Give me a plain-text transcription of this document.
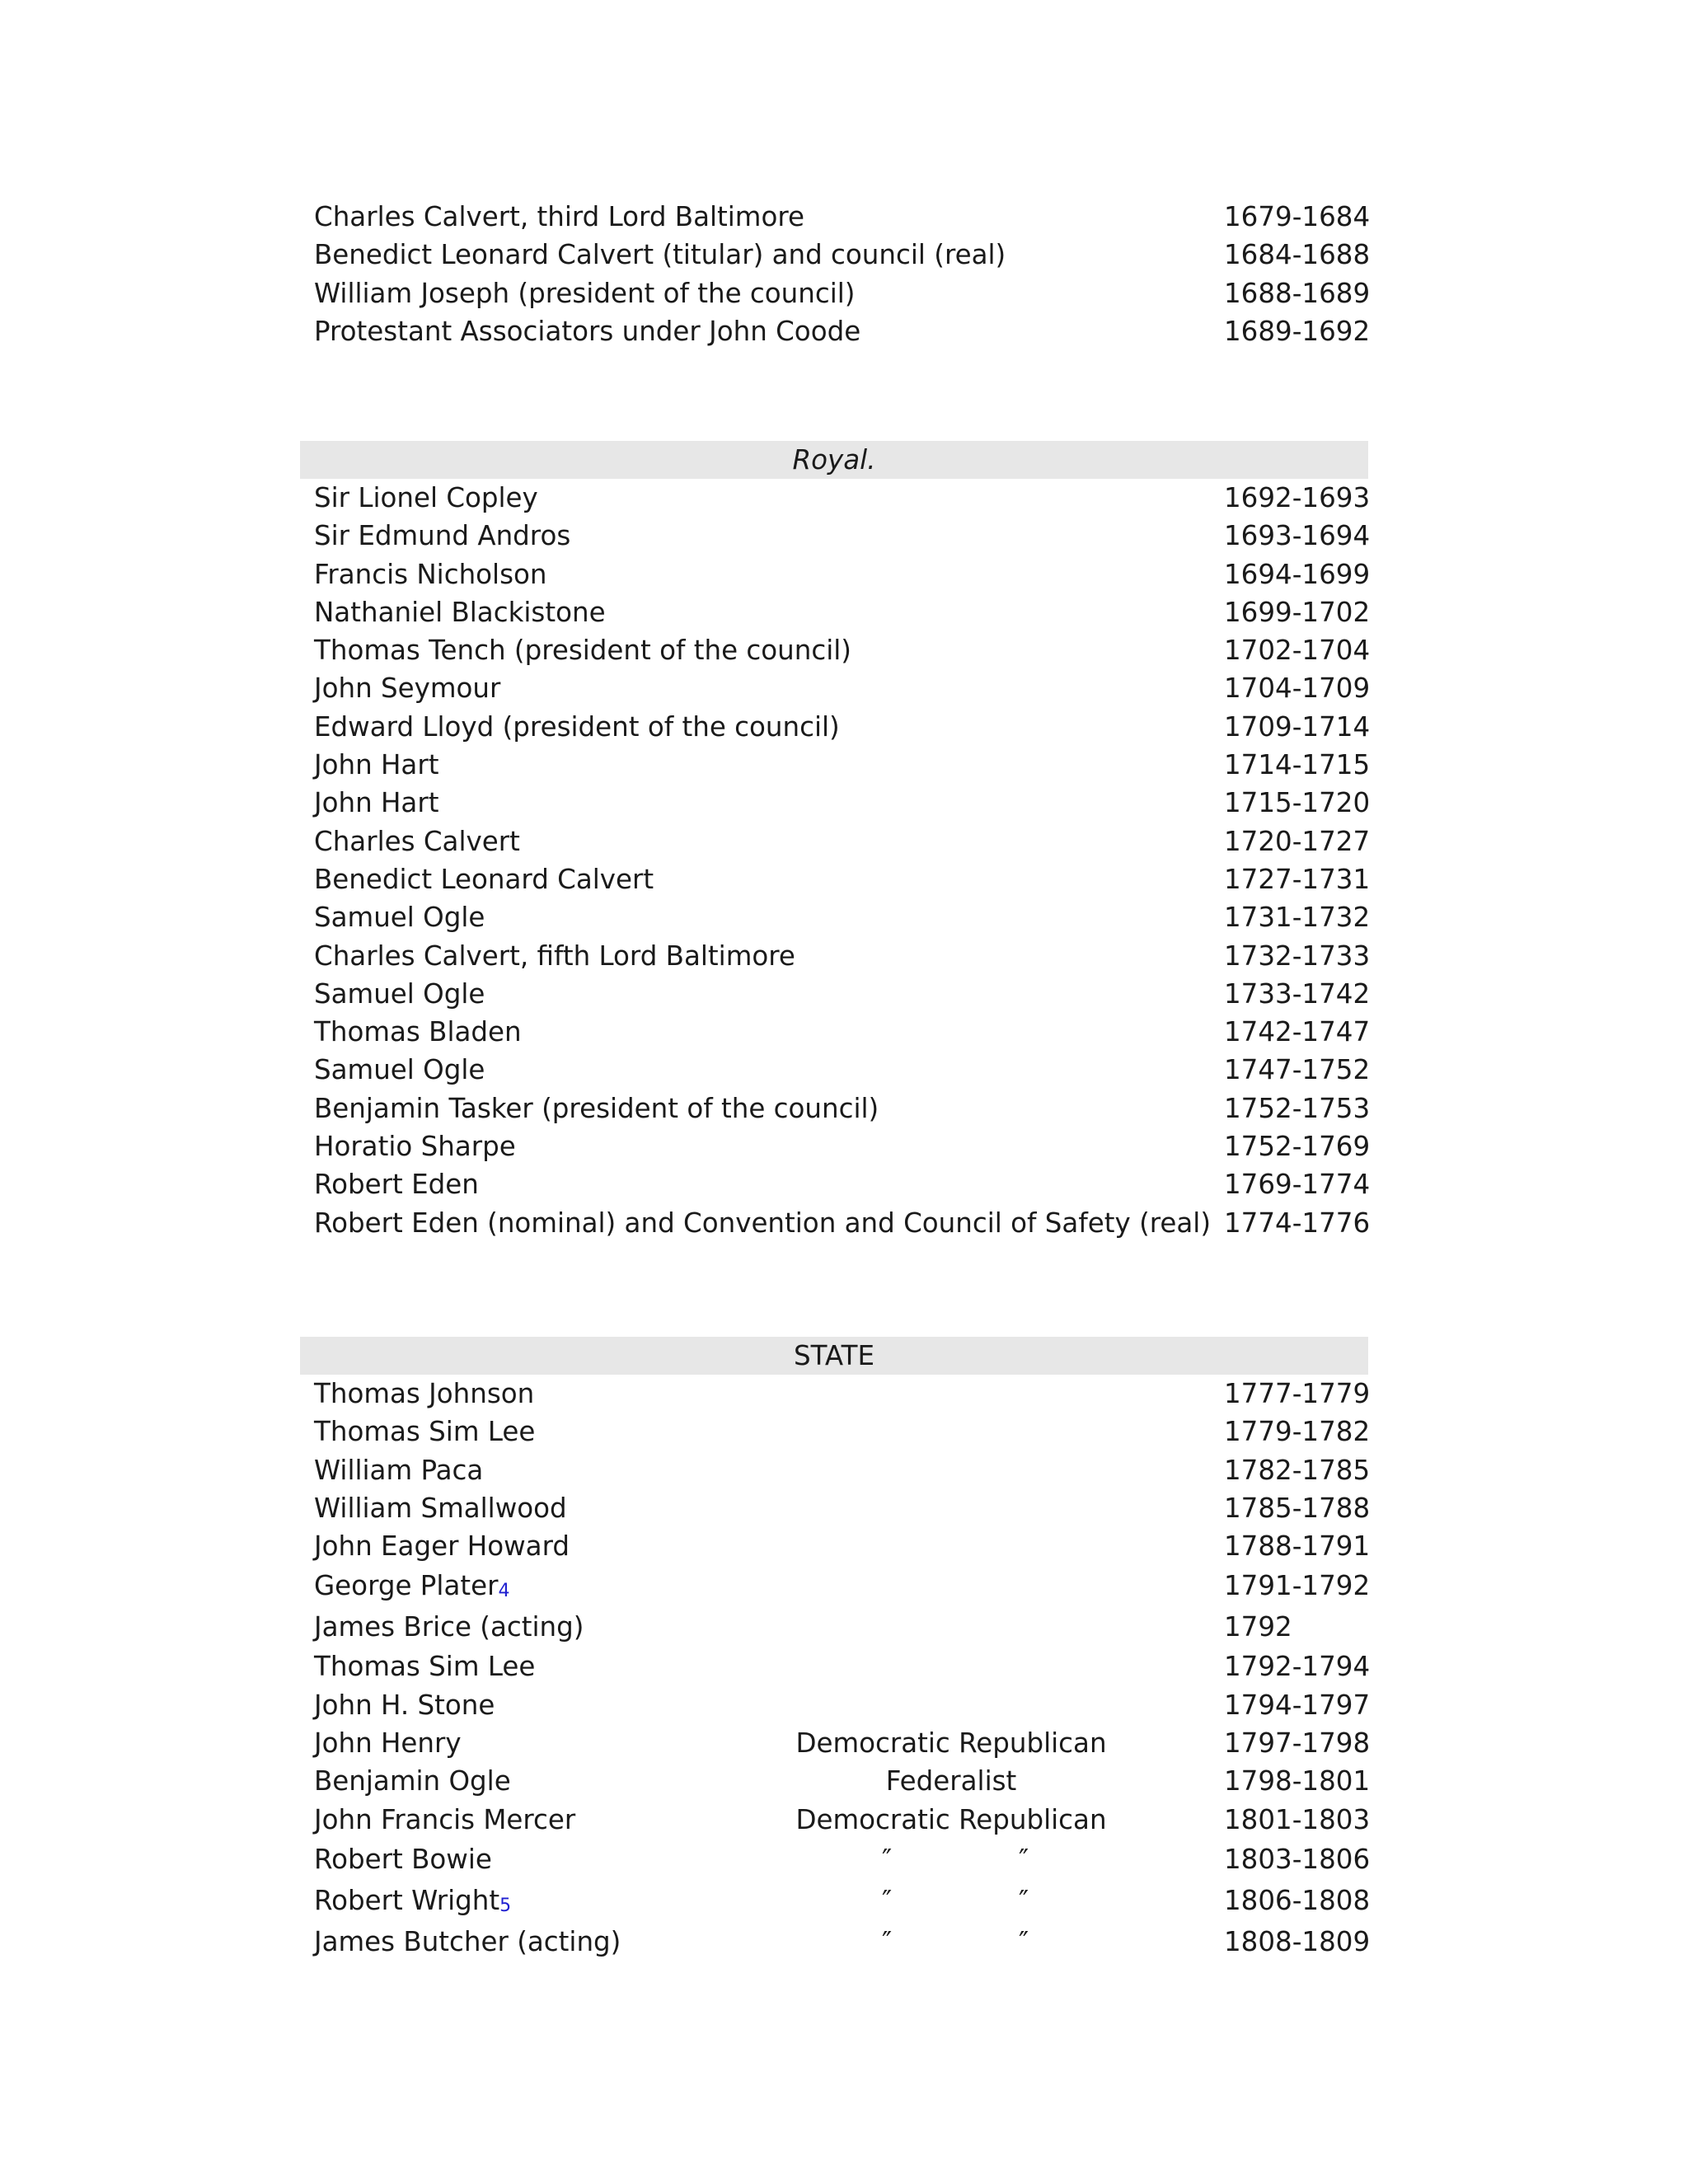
Charles Calvert, third Lord Baltimore	1679-1684
Benedict Leonard Calvert (titular) and council (real)	1684-1688
William Joseph (president of the council)	1688-1689
Protestant Associators under John Coode	1689-1692
Royal.
Sir Lionel Copley	1692-1693
Sir Edmund Andros	1693-1694
Francis Nicholson	1694-1699
Nathaniel Blackistone	1699-1702
Thomas Tench (president of the council)	1702-1704
John Seymour	1704-1709
Edward Lloyd (president of the council)	1709-1714
John Hart	1714-1715
John Hart	1715-1720
Charles Calvert	1720-1727
Benedict Leonard Calvert	1727-1731
Samuel Ogle	1731-1732
Charles Calvert, fifth Lord Baltimore	1732-1733
Samuel Ogle	1733-1742
Thomas Bladen	1742-1747
Samuel Ogle	1747-1752
Benjamin Tasker (president of the council)	1752-1753
Horatio Sharpe	1752-1769
Robert Eden	1769-1774
Robert Eden (nominal) and Convention and Council of Safety (real) 1774-1776
STATE
Thomas Johnson	1777-1779
Thomas Sim Lee	1779-1782
William Paca	1782-1785
William Smallwood	1785-1788
John Eager Howard	1788-1791
George Plater4	1791-1792
James Brice (acting)	1792
Thomas Sim Lee	1792-1794
John H. Stone	1794-1797
John Henry	Democratic Republican	1797-1798
Benjamin Ogle	Federalist	1798-1801
John Francis Mercer	Democratic Republican	1801-1803
Robert Bowie	″	″	1803-1806
Robert Wright5	″	″	1806-1808
James Butcher (acting)	″	″	1808-1809
